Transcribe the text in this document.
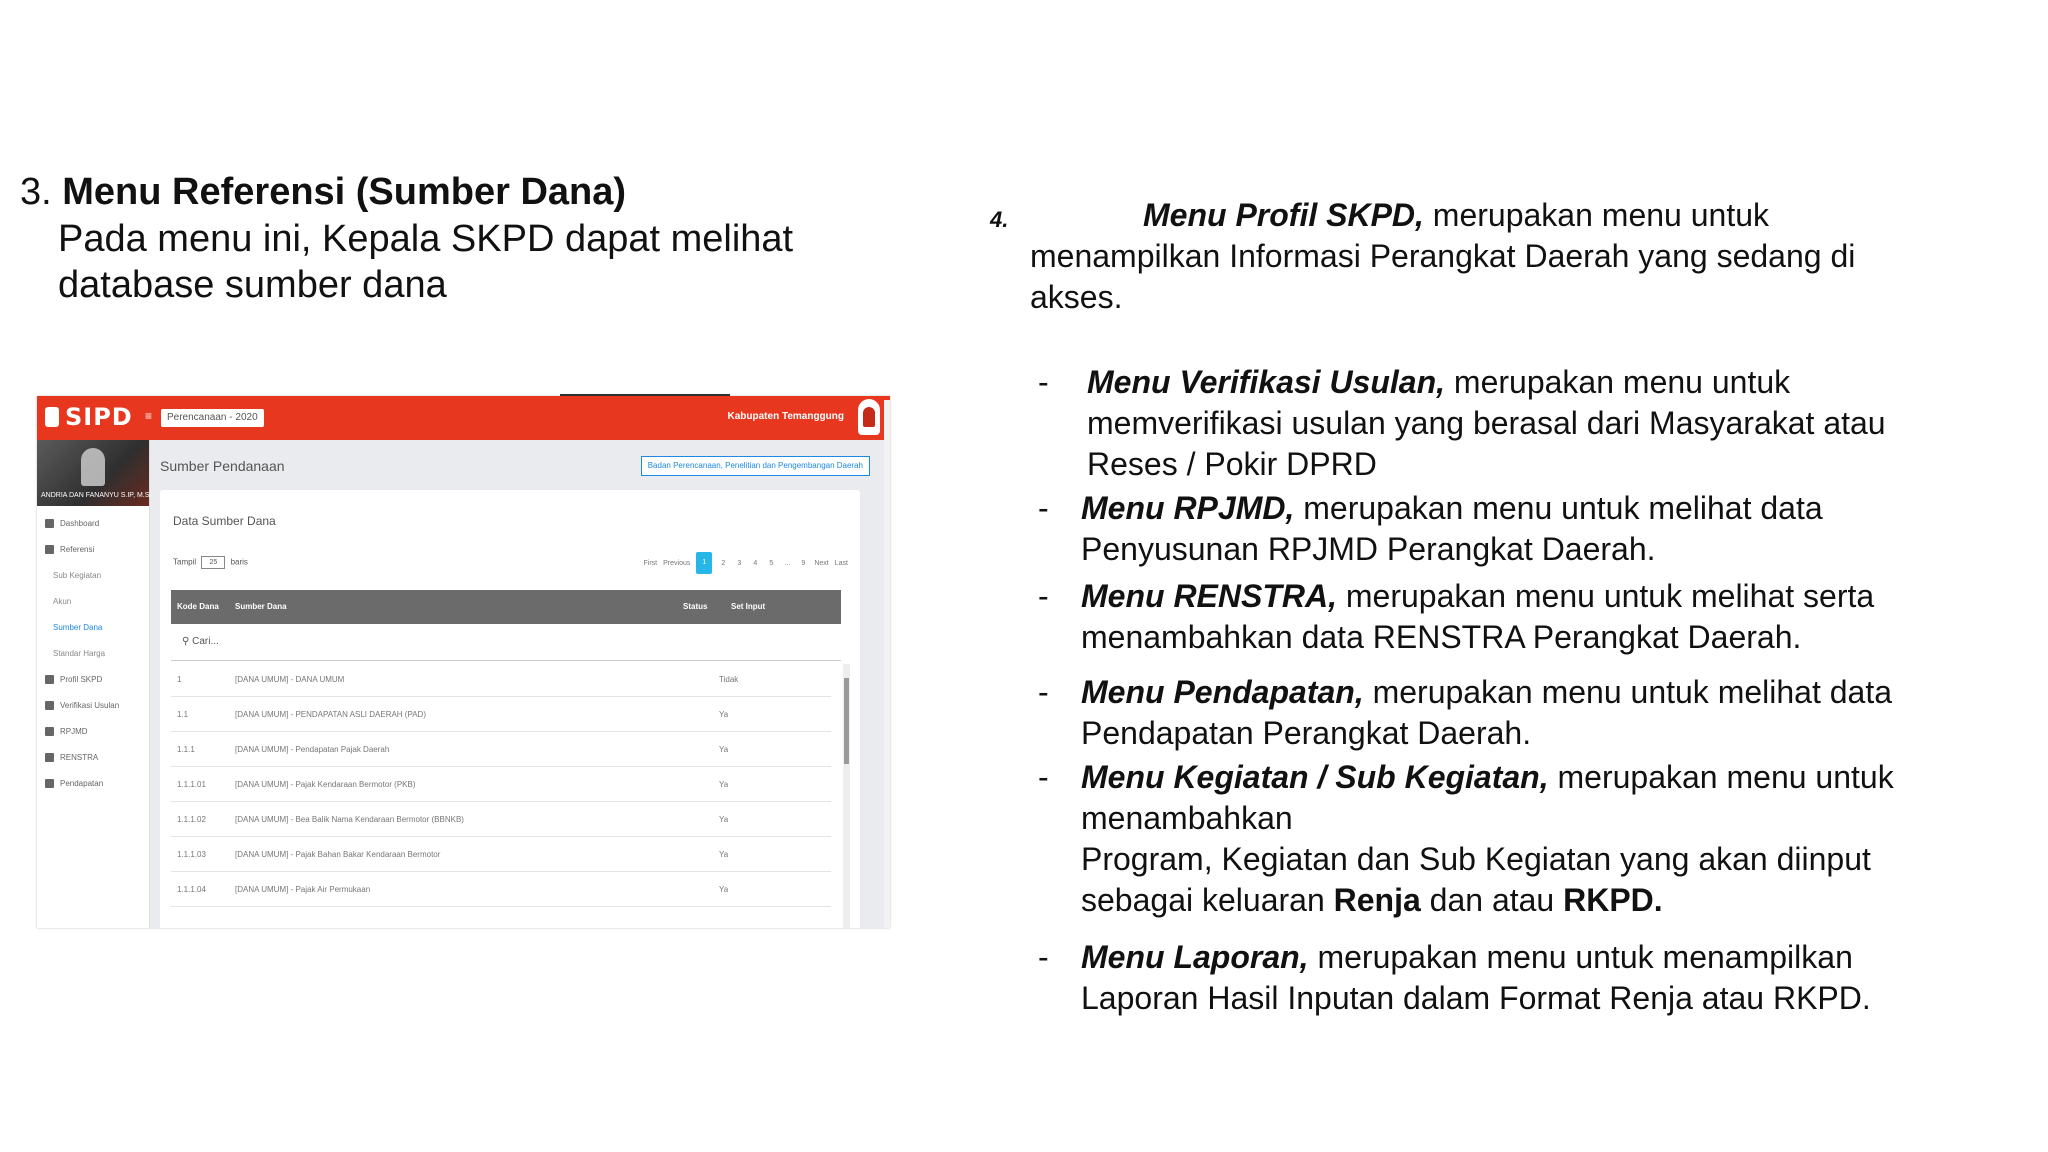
3. Menu Referensi (Sumber Dana)
Pada menu ini, Kepala SKPD dapat melihat database sumber dana
SIPD ≡	Perencanaan - 2020	Kabupaten Temanggung
ANDRIA DAN FANANYU S.IP, M.Si
Dashboard
Referensi
Sub Kegiatan
Akun
Sumber Dana
Standar Harga
Profil SKPD
Verifikasi Usulan
RPJMD
RENSTRA
Pendapatan
Sumber Pendanaan	Badan Perencanaan, Penelitian dan Pengembangan Daerah
Data Sumber Dana
Tampil 25 baris	First Previous	1	2	3	4	5	...	9	Next Last
Kode Dana Sumber Dana	Status	Set Input
⚲ Cari...
1	[DANA UMUM] - DANA UMUM	Tidak
1.1	[DANA UMUM] - PENDAPATAN ASLI DAERAH (PAD)	Ya
1.1.1	[DANA UMUM] - Pendapatan Pajak Daerah	Ya
1.1.1.01	[DANA UMUM] - Pajak Kendaraan Bermotor (PKB)	Ya
1.1.1.02	[DANA UMUM] - Bea Balik Nama Kendaraan Bermotor (BBNKB)	Ya
1.1.1.03	[DANA UMUM] - Pajak Bahan Bakar Kendaraan Bermotor	Ya
1.1.1.04	[DANA UMUM] - Pajak Air Permukaan	Ya
4.	Menu Profil SKPD, merupakan menu untuk
menampilkan Informasi Perangkat Daerah yang sedang di
akses.
- Menu Verifikasi Usulan, merupakan menu untuk
memverifikasi usulan yang berasal dari Masyarakat atau
Reses / Pokir DPRD
- Menu RPJMD, merupakan menu untuk melihat data
Penyusunan RPJMD Perangkat Daerah.
- Menu RENSTRA, merupakan menu untuk melihat serta
menambahkan data RENSTRA Perangkat Daerah.
- Menu Pendapatan, merupakan menu untuk melihat data
Pendapatan Perangkat Daerah.
- Menu Kegiatan / Sub Kegiatan, merupakan menu untuk
menambahkan
Program, Kegiatan dan Sub Kegiatan yang akan diinput
sebagai keluaran Renja dan atau RKPD.
- Menu Laporan, merupakan menu untuk menampilkan
Laporan Hasil Inputan dalam Format Renja atau RKPD.
